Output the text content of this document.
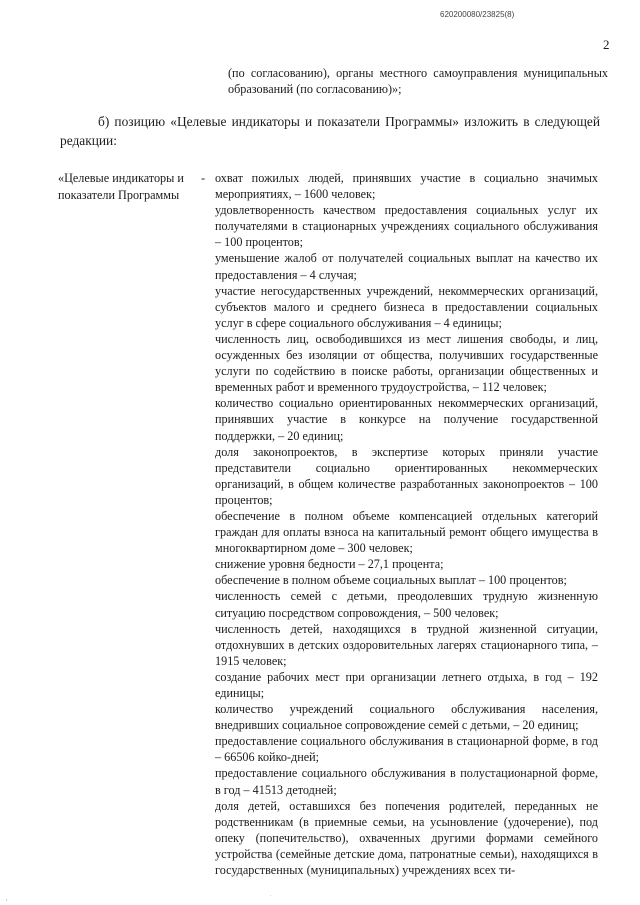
620200080/23825(8)
2
(по согласованию), органы местного самоуправления муниципальных образований (по согласованию)»;
б) позицию «Целевые индикаторы и показатели Программы» изложить в следующей редакции:
«Целевые индикаторы и показатели Программы
- охват пожилых людей, принявших участие в социально значимых мероприятиях, – 1600 человек;

удовлетворенность качеством предоставления социальных услуг их получателями в стационарных учреждениях социального обслуживания – 100 процентов;

уменьшение жалоб от получателей социальных выплат на качество их предоставления – 4 случая;

участие негосударственных учреждений, некоммерческих организаций, субъектов малого и среднего бизнеса в предоставлении социальных услуг в сфере социального обслуживания – 4 единицы;

численность лиц, освободившихся из мест лишения свободы, и лиц, осужденных без изоляции от общества, получивших государственные услуги по содействию в поиске работы, организации общественных и временных работ и временного трудоустройства, – 112 человек;

количество социально ориентированных некоммерческих организаций, принявших участие в конкурсе на получение государственной поддержки, – 20 единиц;

доля законопроектов, в экспертизе которых приняли участие представители социально ориентированных некоммерческих организаций, в общем количестве разработанных законопроектов – 100 процентов;

обеспечение в полном объеме компенсацией отдельных категорий граждан для оплаты взноса на капитальный ремонт общего имущества в многоквартирном доме – 300 человек;

снижение уровня бедности – 27,1 процента;

обеспечение в полном объеме социальных выплат – 100 процентов;

численность семей с детьми, преодолевших трудную жизненную ситуацию посредством сопровождения, – 500 человек;

численность детей, находящихся в трудной жизненной ситуации, отдохнувших в детских оздоровительных лагерях стационарного типа, – 1915 человек;

создание рабочих мест при организации летнего отдыха, в год – 192 единицы;

количество учреждений социального обслуживания населения, внедривших социальное сопровождение семей с детьми, – 20 единиц;

предоставление социального обслуживания в стационарной форме, в год – 66506 койко-дней;

предоставление социального обслуживания в полустационарной форме, в год – 41513 детодней;

доля детей, оставшихся без попечения родителей, переданных не родственникам (в приемные семьи, на усыновление (удочерение), под опеку (попечительство), охваченных другими формами семейного устройства (семейные детские дома, патронатные семьи), находящихся в государственных (муниципальных) учреждениях всех ти-

,
.
